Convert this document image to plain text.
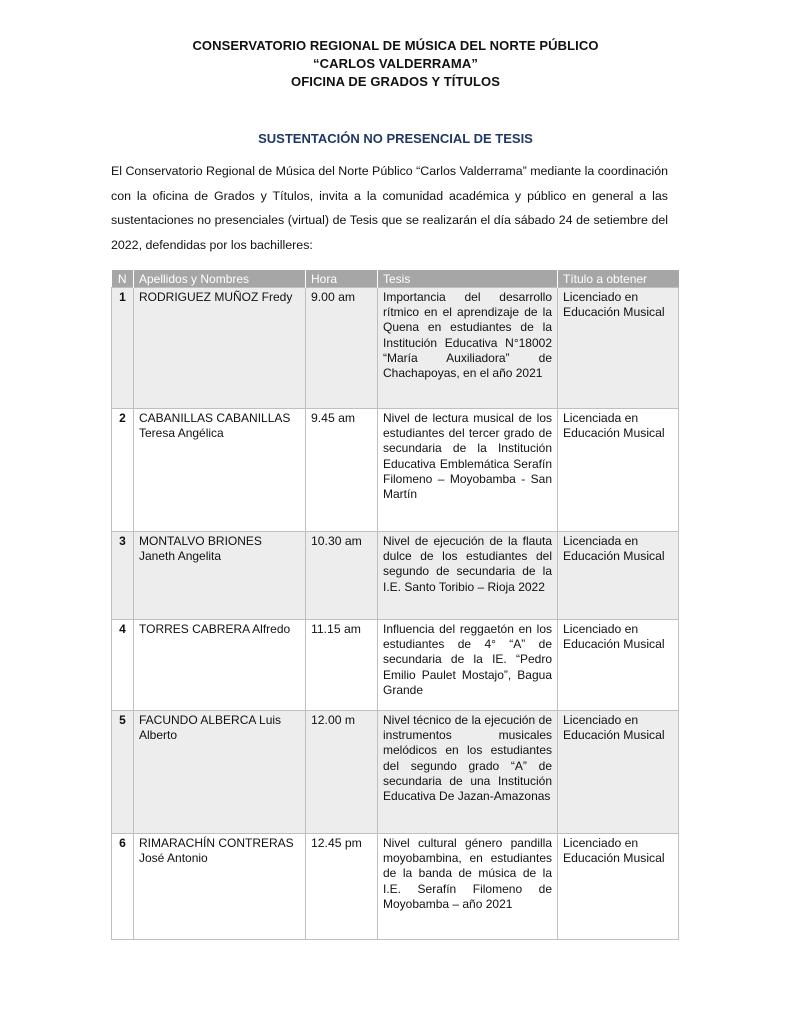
CONSERVATORIO REGIONAL DE MÚSICA DEL NORTE PÚBLICO
“CARLOS VALDERRAMA”
OFICINA DE GRADOS Y TÍTULOS
SUSTENTACIÓN NO PRESENCIAL DE TESIS

El Conservatorio Regional de Música del Norte Público “Carlos Valderrama” mediante la coordinación con la oficina de Grados y Títulos, invita a la comunidad académica y público en general a las sustentaciones no presenciales (virtual) de Tesis que se realizarán el día sábado 24 de setiembre del 2022, defendidas por los bachilleres:

N	Apellidos y Nombres	Hora	Tesis	Título a obtener
1	RODRIGUEZ MUÑOZ Fredy	9.00 am	Importancia del desarrollo rítmico en el aprendizaje de la Quena en estudiantes de la Institución Educativa N°18002 “María Auxiliadora” de Chachapoyas, en el año 2021	Licenciado en Educación Musical
2	CABANILLAS CABANILLAS Teresa Angélica	9.45 am	Nivel de lectura musical de los estudiantes del tercer grado de secundaria de la Institución Educativa Emblemática Serafín Filomeno – Moyobamba - San Martín	Licenciada en Educación Musical
3	MONTALVO BRIONES Janeth Angelita	10.30 am	Nivel de ejecución de la flauta dulce de los estudiantes del segundo de secundaria de la I.E. Santo Toribio – Rioja 2022	Licenciada en Educación Musical
4	TORRES CABRERA Alfredo	11.15 am	Influencia del reggaetón en los estudiantes de 4° “A” de secundaria de la IE. “Pedro Emilio Paulet Mostajo”, Bagua Grande	Licenciado en Educación Musical
5	FACUNDO ALBERCA Luis Alberto	12.00 m	Nivel técnico de la ejecución de instrumentos musicales melódicos en los estudiantes del segundo grado “A” de secundaria de una Institución Educativa De Jazan-Amazonas	Licenciado en Educación Musical
6	RIMARACHÍN CONTRERAS José Antonio	12.45 pm	Nivel cultural género pandilla moyobambina, en estudiantes de la banda de música de la I.E. Serafín Filomeno de Moyobamba – año 2021	Licenciado en Educación Musical
